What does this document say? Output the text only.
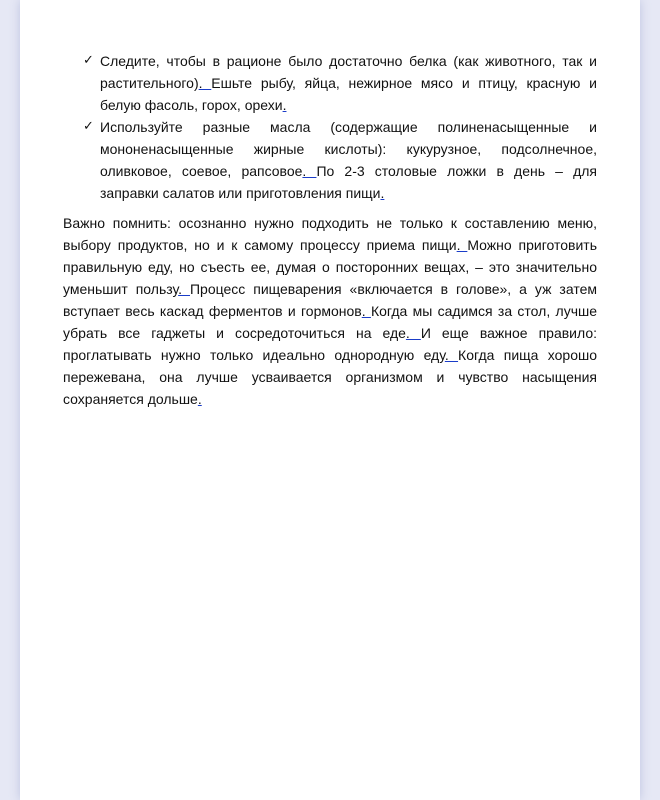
✓ Следите, чтобы в рационе было достаточно белка (как животного, так и растительного). Ешьте рыбу, яйца, нежирное мясо и птицу, красную и белую фасоль, горох, орехи.
✓ Используйте разные масла (содержащие полиненасыщенные и мононенасыщенные жирные кислоты): кукурузное, подсолнечное, оливковое, соевое, рапсовое. По 2-3 столовые ложки в день – для заправки салатов или приготовления пищи.

Важно помнить: осознанно нужно подходить не только к составлению меню, выбору продуктов, но и к самому процессу приема пищи. Можно приготовить правильную еду, но съесть ее, думая о посторонних вещах, – это значительно уменьшит пользу. Процесс пищеварения «включается в голове», а уж затем вступает весь каскад ферментов и гормонов. Когда мы садимся за стол, лучше убрать все гаджеты и сосредоточиться на еде. И еще важное правило: проглатывать нужно только идеально однородную еду. Когда пища хорошо пережевана, она лучше усваивается организмом и чувство насыщения сохраняется дольше.
